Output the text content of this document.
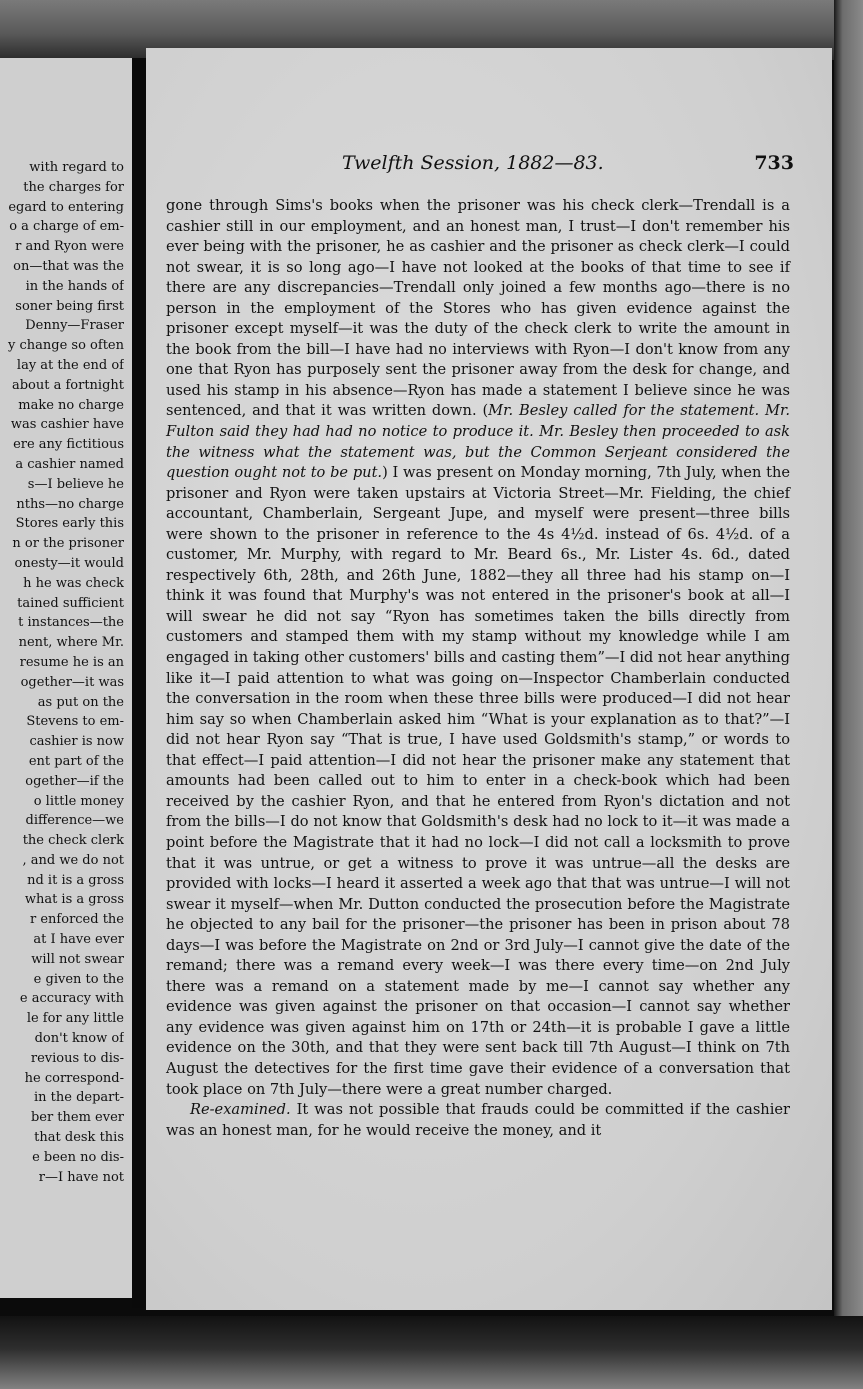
with regard to
the charges for
egard to entering
o a charge of em-
r and Ryon were
on—that was the
in the hands of
soner being first
Denny—Fraser
y change so often
lay at the end of
about a fortnight
make no charge
was cashier have
ere any fictitious
a cashier named
s—I believe he
nths—no charge
Stores early this
n or the prisoner
onesty—it would
h he was check
tained sufficient
t instances—the
nent, where Mr.
resume he is an
ogether—it was
as put on the
Stevens to em-
cashier is now
ent part of the
ogether—if the
o little money
difference—we
the check clerk
, and we do not
nd it is a gross
what is a gross
r enforced the
at I have ever
will not swear
e given to the
e accuracy with
le for any little
don't know of
revious to dis-
he correspond-
in the depart-
ber them ever
that desk this
e been no dis-
r—I have not
Twelfth Session, 1882—83.	733

gone through Sims's books when the prisoner was his check clerk—Trendall is a cashier still in our employment, and an honest man, I trust—I don't remember his ever being with the prisoner, he as cashier and the prisoner as check clerk—I could not swear, it is so long ago—I have not looked at the books of that time to see if there are any discrepancies—Trendall only joined a few months ago—there is no person in the employment of the Stores who has given evidence against the prisoner except myself—it was the duty of the check clerk to write the amount in the book from the bill—I have had no interviews with Ryon—I don't know from any one that Ryon has purposely sent the prisoner away from the desk for change, and used his stamp in his absence—Ryon has made a statement I believe since he was sentenced, and that it was written down. (Mr. Besley called for the statement. Mr. Fulton said they had had no notice to produce it. Mr. Besley then proceeded to ask the witness what the statement was, but the Common Serjeant considered the question ought not to be put.) I was present on Monday morning, 7th July, when the prisoner and Ryon were taken upstairs at Victoria Street—Mr. Fielding, the chief accountant, Chamberlain, Sergeant Jupe, and myself were present—three bills were shown to the prisoner in reference to the 4s 4½d. instead of 6s. 4½d. of a customer, Mr. Murphy, with regard to Mr. Beard 6s., Mr. Lister 4s. 6d., dated respectively 6th, 28th, and 26th June, 1882—they all three had his stamp on—I think it was found that Murphy's was not entered in the prisoner's book at all—I will swear he did not say “Ryon has sometimes taken the bills directly from customers and stamped them with my stamp without my knowledge while I am engaged in taking other customers' bills and casting them”—I did not hear anything like it—I paid attention to what was going on—Inspector Chamberlain conducted the conversation in the room when these three bills were produced—I did not hear him say so when Chamberlain asked him “What is your explanation as to that?”—I did not hear Ryon say “That is true, I have used Goldsmith's stamp,” or words to that effect—I paid attention—I did not hear the prisoner make any statement that amounts had been called out to him to enter in a check-book which had been received by the cashier Ryon, and that he entered from Ryon's dictation and not from the bills—I do not know that Goldsmith's desk had no lock to it—it was made a point before the Magistrate that it had no lock—I did not call a locksmith to prove that it was untrue, or get a witness to prove it was untrue—all the desks are provided with locks—I heard it asserted a week ago that that was untrue—I will not swear it myself—when Mr. Dutton conducted the prosecution before the Magistrate he objected to any bail for the prisoner—the prisoner has been in prison about 78 days—I was before the Magistrate on 2nd or 3rd July—I cannot give the date of the remand; there was a remand every week—I was there every time—on 2nd July there was a remand on a statement made by me—I cannot say whether any evidence was given against the prisoner on that occasion—I cannot say whether any evidence was given against him on 17th or 24th—it is probable I gave a little evidence on the 30th, and that they were sent back till 7th August—I think on 7th August the detectives for the first time gave their evidence of a conversation that took place on 7th July—there were a great number charged.

Re-examined. It was not possible that frauds could be committed if the cashier was an honest man, for he would receive the money, and it
